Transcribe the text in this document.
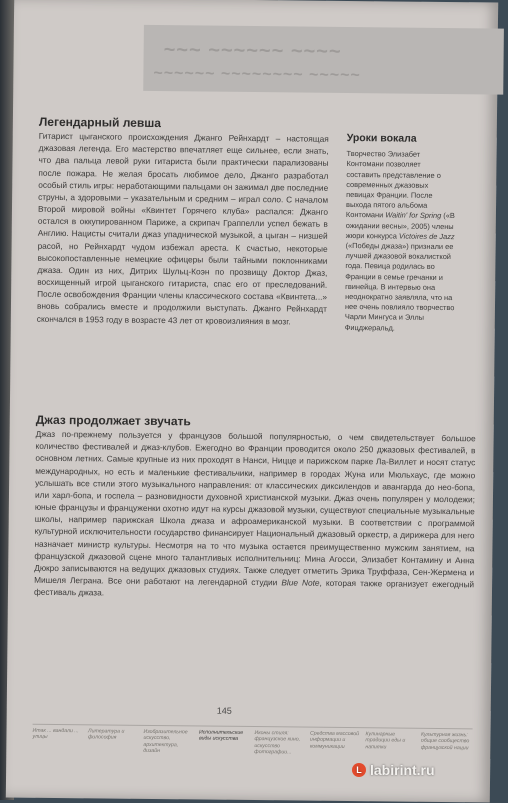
~~~ ~~~~~~ ~~~~
~~~~~~ ~~~~~~~~ ~~~~~
Легендарный левша

Гитарист цыганского происхождения Джанго Рейнхардт – настоящая джазовая легенда. Его мастерство впечатляет еще сильнее, если знать, что два пальца левой руки гитариста были практически парализованы после пожара. Не желая бросать любимое дело, Джанго разработал особый стиль игры: неработающими пальцами он зажимал две последние струны, а здоровыми – указательным и средним – играл соло. С началом Второй мировой войны «Квинтет Горячего клуба» распался: Джанго остался в оккупированном Париже, а скрипач Граппелли успел бежать в Англию. Нацисты считали джаз упаднической музыкой, а цыган – низшей расой, но Рейнхардт чудом избежал ареста. К счастью, некоторые высокопоставленные немецкие офицеры были тайными поклонниками джаза. Один из них, Дитрих Шульц-Коэн по прозвищу Доктор Джаз, восхищенный игрой цыганского гитариста, спас его от преследований. После освобождения Франции члены классического состава «Квинтета...» вновь собрались вместе и продолжили выступать. Джанго Рейнхардт скончался в 1953 году в возрасте 43 лет от кровоизлияния в мозг.

Уроки вокала

Творчество Элизабет Контомани позволяет составить представление о современных джазовых певицах Франции. После выхода пятого альбома Контомани Waitin' for Spring («В ожидании весны», 2005) члены жюри конкурса Victoires de Jazz («Победы джаза») признали ее лучшей джазовой вокалисткой года. Певица родилась во Франции в семье гречанки и гвинейца. В интервью она неоднократно заявляла, что на нее очень повлияло творчество Чарли Мингуса и Эллы Фицджеральд.

Джаз продолжает звучать

Джаз по-прежнему пользуется у французов большой популярностью, о чем свидетельствует большое количество фестивалей и джаз-клубов. Ежегодно во Франции проводится около 250 джазовых фестивалей, в основном летних. Самые крупные из них проходят в Нанси, Ницце и парижском парке Ла-Виллет и носят статус международных, но есть и маленькие фестивальчики, например в городах Жуна или Мюльхаус, где можно услышать все стили этого музыкального направления: от классических диксилендов и авангарда до нео-бопа, или харл-бопа, и госпела – разновидности духовной христианской музыки. Джаз очень популярен у молодежи; юные французы и француженки охотно идут на курсы джазовой музыки, существуют специальные музыкальные школы, например парижская Школа джаза и афроамериканской музыки. В соответствии с программой культурной исключительности государство финансирует Национальный джазовый оркестр, а дирижера для него назначает министр культуры. Несмотря на то что музыка остается преимущественно мужским занятием, на французской джазовой сцене много талантливых исполнительниц: Мина Агосси, Элизабет Контамину и Анна Дюкро записываются на ведущих джазовых студиях. Также следует отметить Эрика Труффаза, Сен-Жермена и Мишеля Леграна. Все они работают на легендарной студии Blue Note, которая также организует ежегодный фестиваль джаза.

145
Итак ... вандали ... улицы
Литература и философия
Изобразительное искусство, архитектура, дизайн
Исполнительские виды искусства
Иконы стиля: французское кино, искусство фотографии...
Средства массовой информации и коммуникации
Кулинарные традиции еды и напитки
Культурная жизнь: общие сообщество французской нации
L labirint.ru
